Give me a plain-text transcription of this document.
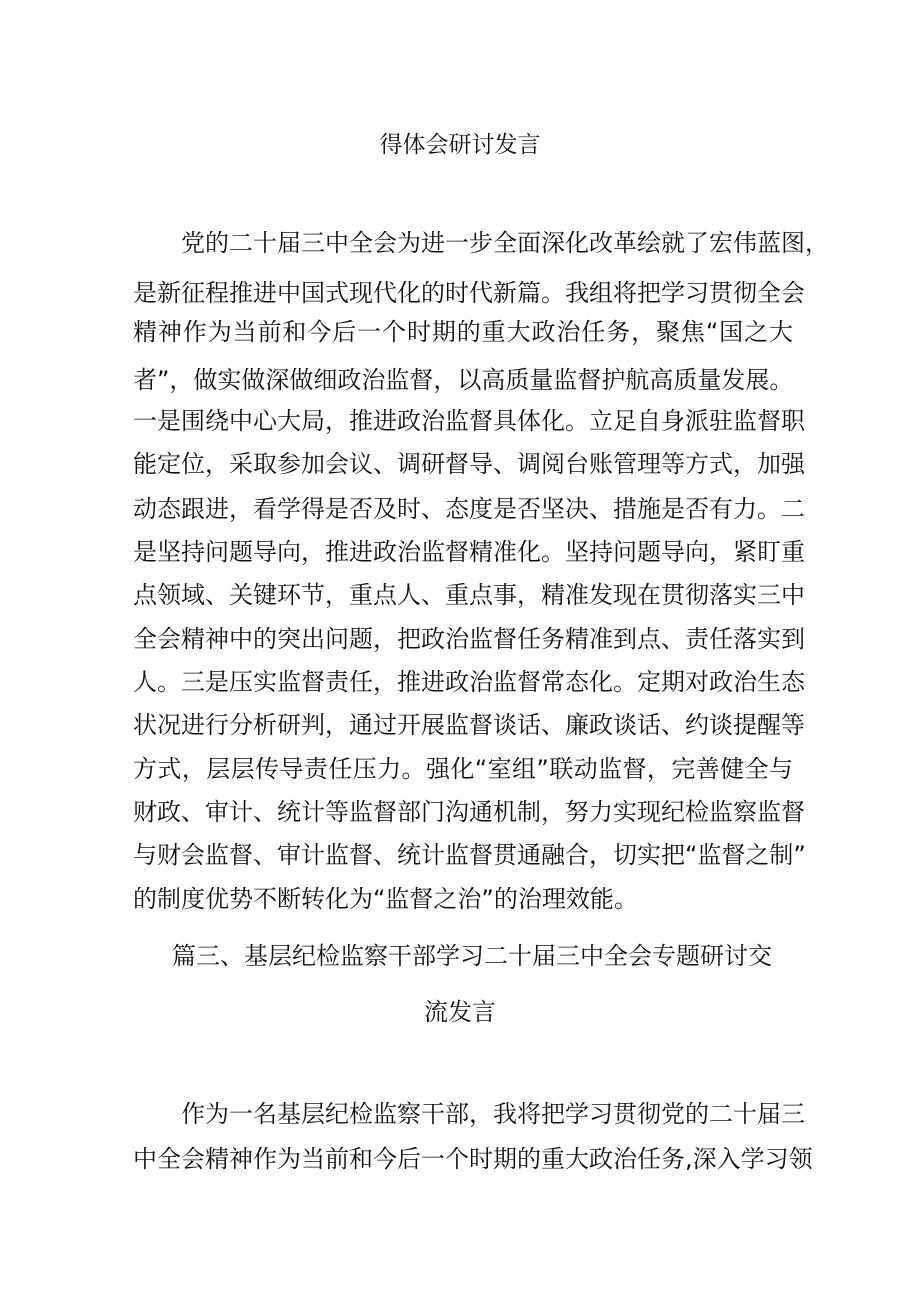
得体会研讨发言
党的二十届三中全会为进一步全面深化改革绘就了宏伟蓝图，
是新征程推进中国式现代化的时代新篇。我组将把学习贯彻全会
精神作为当前和今后一个时期的重大政治任务，聚焦“国之大
者”，做实做深做细政治监督，以高质量监督护航高质量发展。
一是围绕中心大局，推进政治监督具体化。立足自身派驻监督职
能定位，采取参加会议、调研督导、调阅台账管理等方式，加强
动态跟进，看学得是否及时、态度是否坚决、措施是否有力。二
是坚持问题导向，推进政治监督精准化。坚持问题导向，紧盯重
点领域、关键环节，重点人、重点事，精准发现在贯彻落实三中
全会精神中的突出问题，把政治监督任务精准到点、责任落实到
人。三是压实监督责任，推进政治监督常态化。定期对政治生态
状况进行分析研判，通过开展监督谈话、廉政谈话、约谈提醒等
方式，层层传导责任压力。强化“室组”联动监督，完善健全与
财政、审计、统计等监督部门沟通机制，努力实现纪检监察监督
与财会监督、审计监督、统计监督贯通融合，切实把“监督之制”
的制度优势不断转化为“监督之治”的治理效能。
篇三、基层纪检监察干部学习二十届三中全会专题研讨交
流发言
作为一名基层纪检监察干部，我将把学习贯彻党的二十届三
中全会精神作为当前和今后一个时期的重大政治任务,深入学习领
